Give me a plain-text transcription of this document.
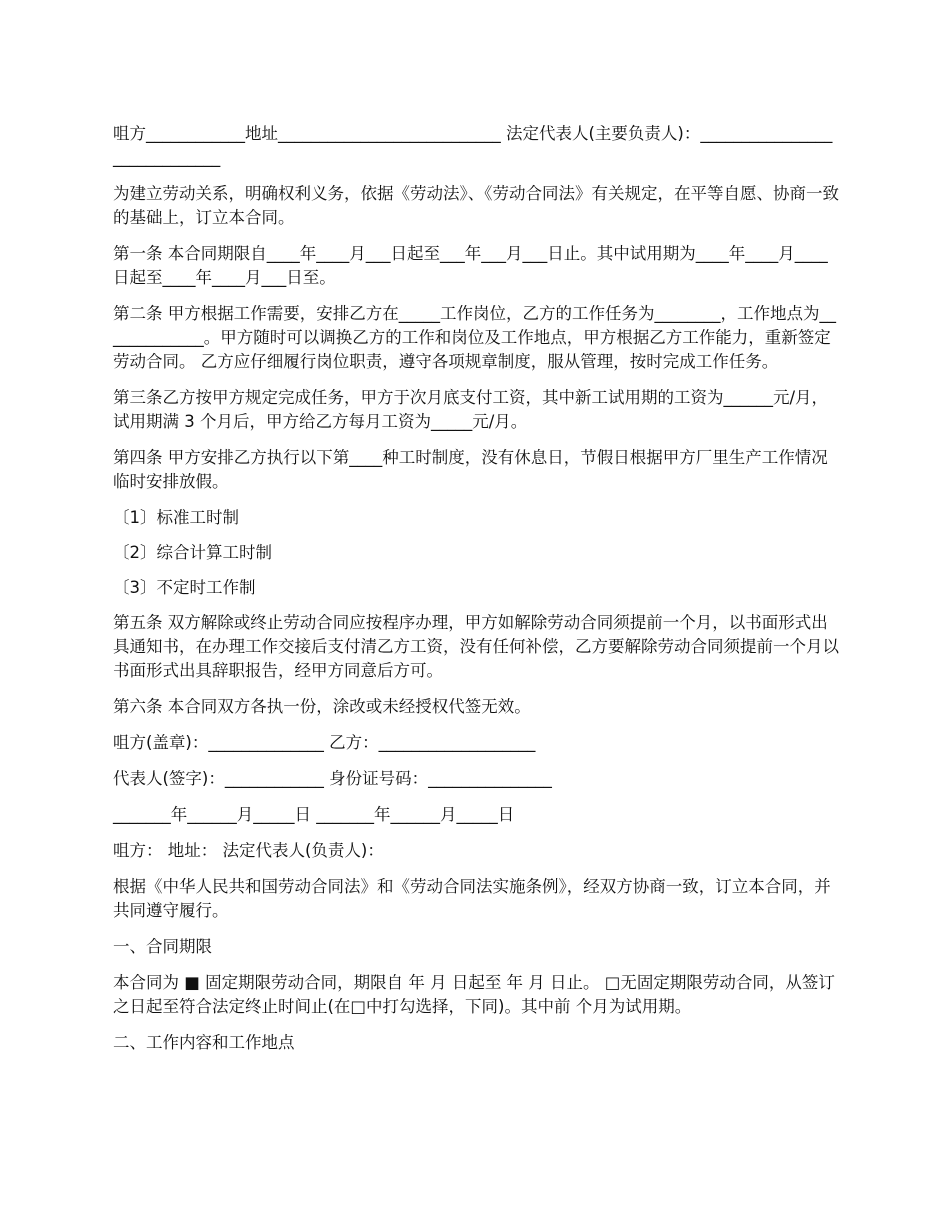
咀方____________地址___________________________ 法定代表人(主要负责人)：_____________________________

为建立劳动关系，明确权利义务，依据《劳动法》、《劳动合同法》有关规定，在平等自愿、协商一致的基础上，订立本合同。

第一条 本合同期限自____年____月___日起至___年___月___日止。其中试用期为____年____月____日起至____年____月___日至。

第二条 甲方根据工作需要，安排乙方在_____工作岗位，乙方的工作任务为________，工作地点为_____________。甲方随时可以调换乙方的工作和岗位及工作地点，甲方根据乙方工作能力，重新签定劳动合同。 乙方应仔细履行岗位职责，遵守各项规章制度，服从管理，按时完成工作任务。

第三条乙方按甲方规定完成任务，甲方于次月底支付工资，其中新工试用期的工资为______元/月，试用期满 3 个月后，甲方给乙方每月工资为_____元/月。

第四条 甲方安排乙方执行以下第____种工时制度，没有休息日，节假日根据甲方厂里生产工作情况临时安排放假。

〔1〕标准工时制

〔2〕综合计算工时制

〔3〕不定时工作制

第五条 双方解除或终止劳动合同应按程序办理，甲方如解除劳动合同须提前一个月，以书面形式出具通知书，在办理工作交接后支付清乙方工资，没有任何补偿，乙方要解除劳动合同须提前一个月以书面形式出具辞职报告，经甲方同意后方可。

第六条 本合同双方各执一份，涂改或未经授权代签无效。

咀方(盖章)：______________ 乙方：___________________

代表人(签字)：____________ 身份证号码：_______________

_______年______月_____日 _______年______月_____日

咀方： 地址： 法定代表人(负责人)：

根据《中华人民共和国劳动合同法》和《劳动合同法实施条例》，经双方协商一致，订立本合同，并共同遵守履行。

一、合同期限

本合同为 ■ 固定期限劳动合同，期限自 年 月 日起至 年 月 日止。 □无固定期限劳动合同，从签订之日起至符合法定终止时间止(在□中打勾选择，下同)。其中前 个月为试用期。

二、工作内容和工作地点
